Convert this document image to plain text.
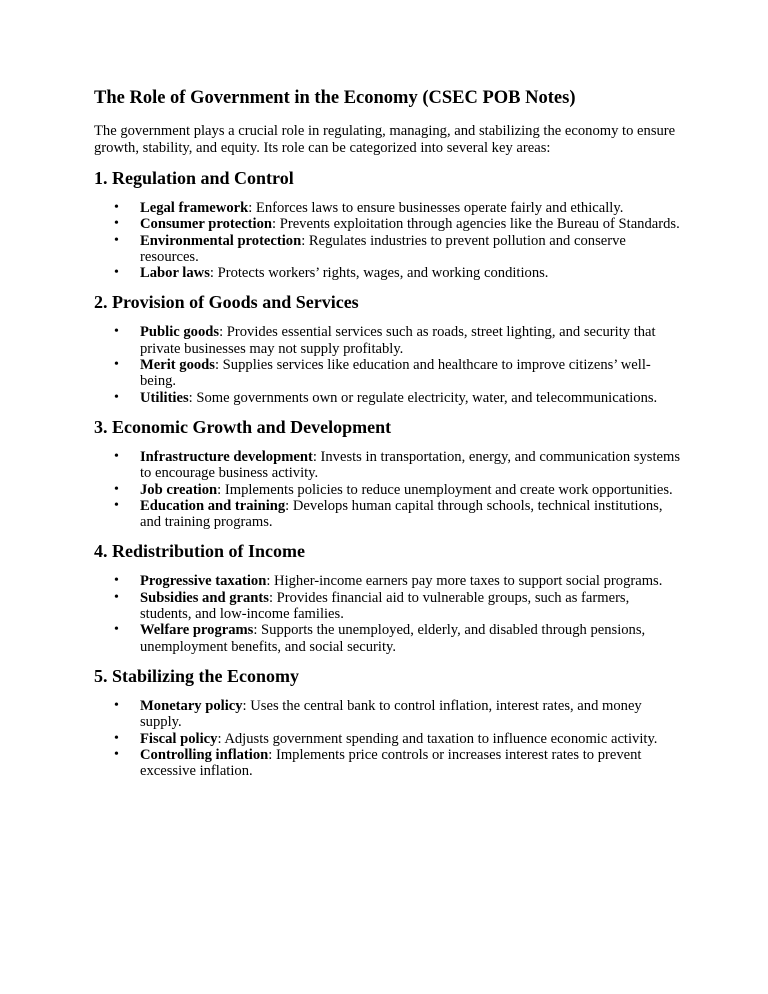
The Role of Government in the Economy (CSEC POB Notes)

The government plays a crucial role in regulating, managing, and stabilizing the economy to ensure growth, stability, and equity. Its role can be categorized into several key areas:

1. Regulation and Control
• Legal framework: Enforces laws to ensure businesses operate fairly and ethically.
• Consumer protection: Prevents exploitation through agencies like the Bureau of Standards.
• Environmental protection: Regulates industries to prevent pollution and conserve resources.
• Labor laws: Protects workers’ rights, wages, and working conditions.
2. Provision of Goods and Services
• Public goods: Provides essential services such as roads, street lighting, and security that private businesses may not supply profitably.
• Merit goods: Supplies services like education and healthcare to improve citizens’ well-being.
• Utilities: Some governments own or regulate electricity, water, and telecommunications.
3. Economic Growth and Development
• Infrastructure development: Invests in transportation, energy, and communication systems to encourage business activity.
• Job creation: Implements policies to reduce unemployment and create work opportunities.
• Education and training: Develops human capital through schools, technical institutions, and training programs.
4. Redistribution of Income
• Progressive taxation: Higher-income earners pay more taxes to support social programs.
• Subsidies and grants: Provides financial aid to vulnerable groups, such as farmers, students, and low-income families.
• Welfare programs: Supports the unemployed, elderly, and disabled through pensions, unemployment benefits, and social security.
5. Stabilizing the Economy
• Monetary policy: Uses the central bank to control inflation, interest rates, and money supply.
• Fiscal policy: Adjusts government spending and taxation to influence economic activity.
• Controlling inflation: Implements price controls or increases interest rates to prevent excessive inflation.
